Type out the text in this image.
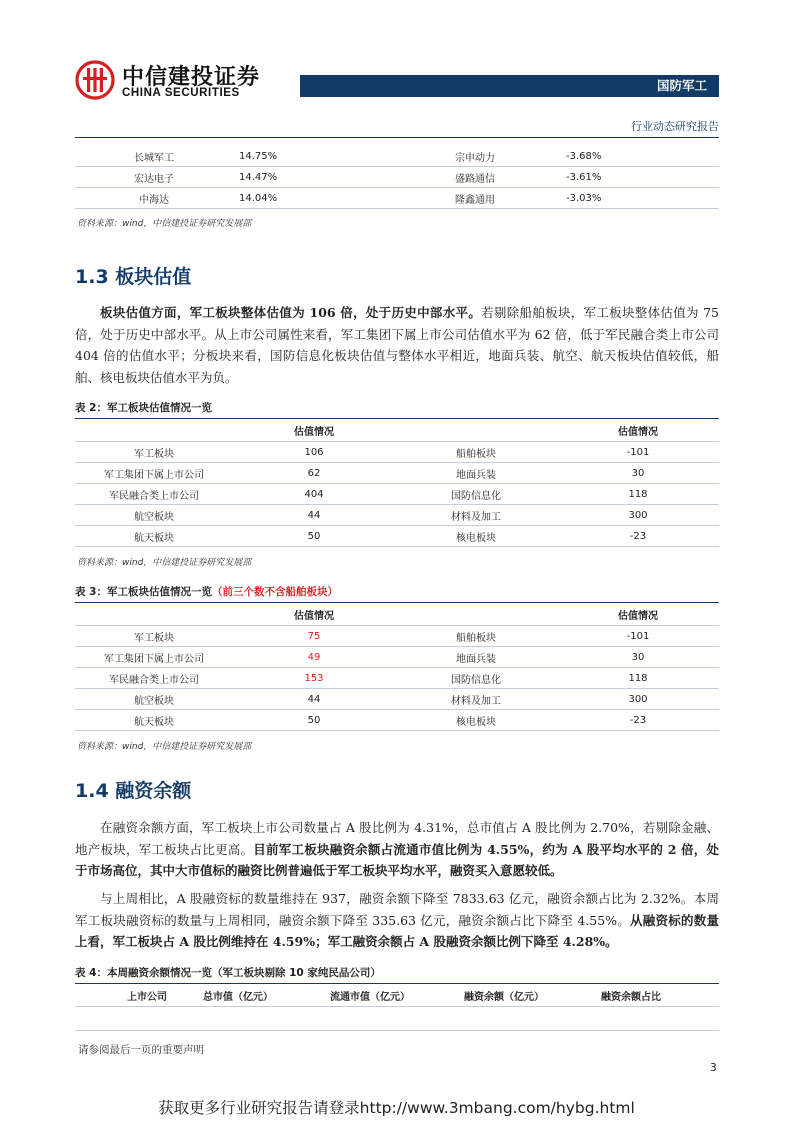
中信建投证券
CHINA SECURITIES	国防军工
行业动态研究报告
长城军工	14.75%	宗申动力	-3.68%
宏达电子	14.47%	盛路通信	-3.61%
中海达	14.04%	隆鑫通用	-3.03%
资料来源：wind，中信建投证券研究发展部
1.3 板块估值
板块估值方面，军工板块整体估值为 106 倍，处于历史中部水平。若剔除船舶板块，军工板块整体估值为 75 倍，处于历史中部水平。从上市公司属性来看，军工集团下属上市公司估值水平为 62 倍，低于军民融合类上市公司 404 倍的估值水平；分板块来看，国防信息化板块估值与整体水平相近，地面兵装、航空、航天板块估值较低，船舶、核电板块估值水平为负。
表 2：军工板块估值情况一览
	估值情况		估值情况
军工板块	106	船舶板块	-101
军工集团下属上市公司	62	地面兵装	30
军民融合类上市公司	404	国防信息化	118
航空板块	44	材料及加工	300
航天板块	50	核电板块	-23
资料来源：wind，中信建投证券研究发展部
表 3：军工板块估值情况一览（前三个数不含船舶板块）
	估值情况		估值情况
军工板块	75	船舶板块	-101
军工集团下属上市公司	49	地面兵装	30
军民融合类上市公司	153	国防信息化	118
航空板块	44	材料及加工	300
航天板块	50	核电板块	-23
资料来源：wind，中信建投证券研究发展部
1.4 融资余额
在融资余额方面，军工板块上市公司数量占 A 股比例为 4.31%，总市值占 A 股比例为 2.70%，若剔除金融、地产板块，军工板块占比更高。目前军工板块融资余额占流通市值比例为 4.55%，约为 A 股平均水平的 2 倍，处于市场高位，其中大市值标的融资比例普遍低于军工板块平均水平，融资买入意愿较低。
与上周相比，A 股融资标的数量维持在 937，融资余额下降至 7833.63 亿元，融资余额占比为 2.32%。本周军工板块融资标的数量与上周相同，融资余额下降至 335.63 亿元，融资余额占比下降至 4.55%。从融资标的数量上看，军工板块占 A 股比例维持在 4.59%；军工融资余额占 A 股融资余额比例下降至 4.28%。
表 4：本周融资余额情况一览（军工板块剔除 10 家纯民品公司）
上市公司	总市值（亿元）	流通市值（亿元）	融资余额（亿元）	融资余额占比	
请参阅最后一页的重要声明
3
获取更多行业研究报告请登录http://www.3mbang.com/hybg.html
